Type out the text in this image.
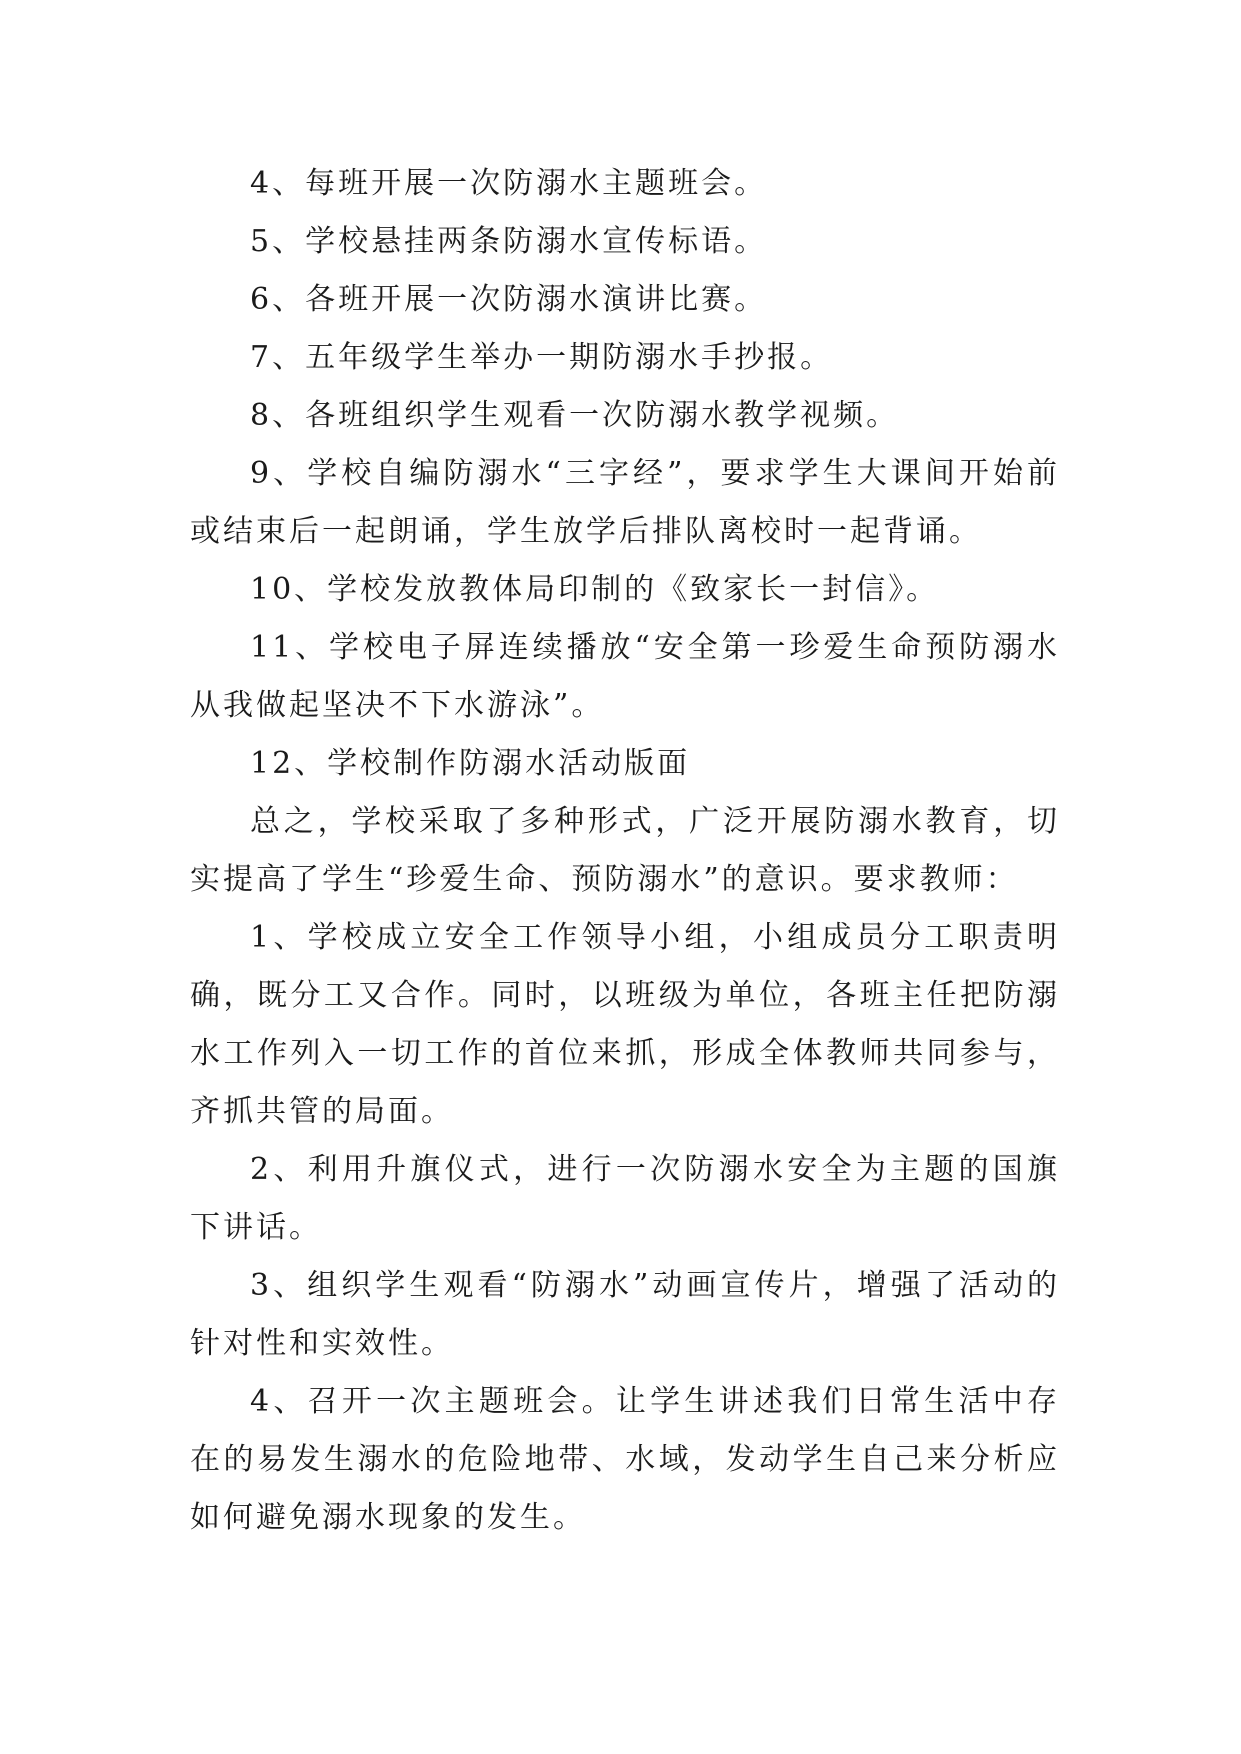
4、每班开展一次防溺水主题班会。

5、学校悬挂两条防溺水宣传标语。

6、各班开展一次防溺水演讲比赛。

7、五年级学生举办一期防溺水手抄报。

8、各班组织学生观看一次防溺水教学视频。

9、学校自编防溺水“三字经”，要求学生大课间开始前或结束后一起朗诵，学生放学后排队离校时一起背诵。

10、学校发放教体局印制的《致家长一封信》。

11、学校电子屏连续播放“安全第一珍爱生命预防溺水从我做起坚决不下水游泳”。

12、学校制作防溺水活动版面

总之，学校采取了多种形式，广泛开展防溺水教育，切实提高了学生“珍爱生命、预防溺水”的意识。要求教师：

1、学校成立安全工作领导小组，小组成员分工职责明确，既分工又合作。同时，以班级为单位，各班主任把防溺水工作列入一切工作的首位来抓，形成全体教师共同参与，齐抓共管的局面。

2、利用升旗仪式，进行一次防溺水安全为主题的国旗下讲话。

3、组织学生观看“防溺水”动画宣传片，增强了活动的针对性和实效性。

4、召开一次主题班会。让学生讲述我们日常生活中存在的易发生溺水的危险地带、水域，发动学生自己来分析应如何避免溺水现象的发生。
